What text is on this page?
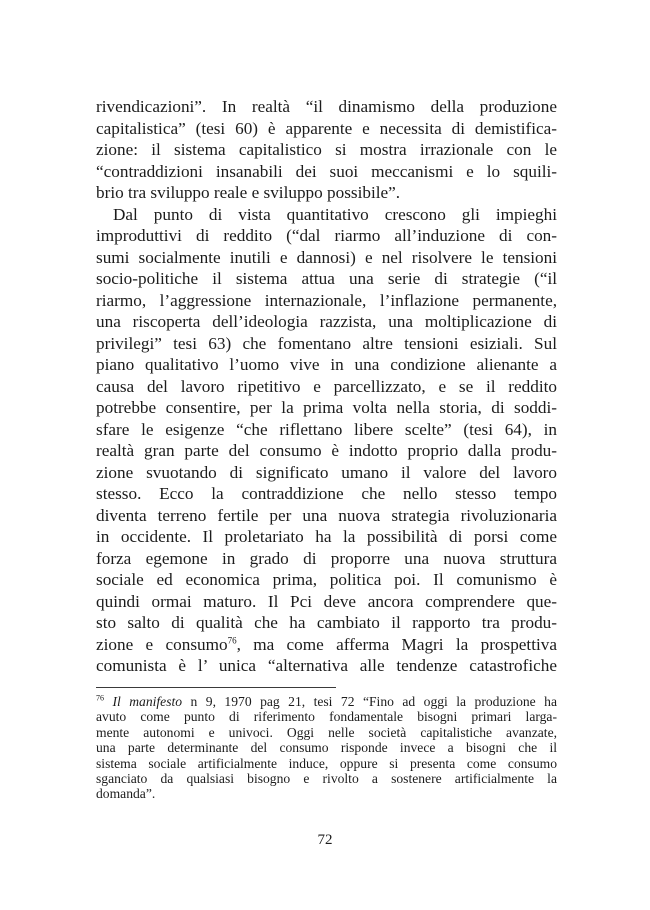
rivendicazioni”. In realtà “il dinamismo della produzione
capitalistica” (tesi 60) è apparente e necessita di demistifica-
zione: il sistema capitalistico si mostra irrazionale con le
“contraddizioni insanabili dei suoi meccanismi e lo squili-
brio tra sviluppo reale e sviluppo possibile”.
Dal punto di vista quantitativo crescono gli impieghi
improduttivi di reddito (“dal riarmo all’induzione di con-
sumi socialmente inutili e dannosi) e nel risolvere le tensioni
socio-politiche il sistema attua una serie di strategie (“il
riarmo, l’aggressione internazionale, l’inflazione permanente,
una riscoperta dell’ideologia razzista, una moltiplicazione di
privilegi” tesi 63) che fomentano altre tensioni esiziali. Sul
piano qualitativo l’uomo vive in una condizione alienante a
causa del lavoro ripetitivo e parcellizzato, e se il reddito
potrebbe consentire, per la prima volta nella storia, di soddi-
sfare le esigenze “che riflettano libere scelte” (tesi 64), in
realtà gran parte del consumo è indotto proprio dalla produ-
zione svuotando di significato umano il valore del lavoro
stesso. Ecco la contraddizione che nello stesso tempo
diventa terreno fertile per una nuova strategia rivoluzionaria
in occidente. Il proletariato ha la possibilità di porsi come
forza egemone in grado di proporre una nuova struttura
sociale ed economica prima, politica poi. Il comunismo è
quindi ormai maturo. Il Pci deve ancora comprendere que-
sto salto di qualità che ha cambiato il rapporto tra produ-
zione e consumo$^{76}$, ma come afferma Magri la prospettiva
comunista è l’ unica “alternativa alle tendenze catastrofiche
$^{76}$ Il manifesto n 9, 1970 pag 21, tesi 72 “Fino ad oggi la produzione ha
avuto come punto di riferimento fondamentale bisogni primari larga-
mente autonomi e univoci. Oggi nelle società capitalistiche avanzate,
una parte determinante del consumo risponde invece a bisogni che il
sistema sociale artificialmente induce, oppure si presenta come consumo
sganciato da qualsiasi bisogno e rivolto a sostenere artificialmente la
domanda”.
72
